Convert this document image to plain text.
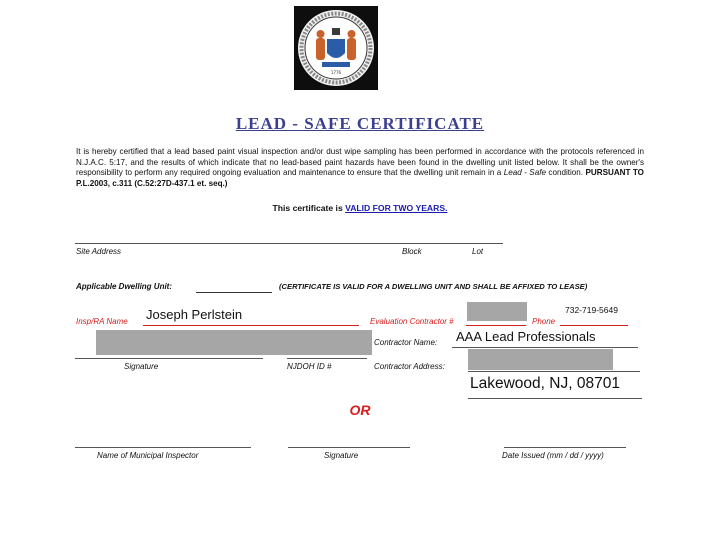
1776
LEAD - SAFE CERTIFICATE
It is hereby certified that a lead based paint visual inspection and/or dust wipe sampling has been performed in accordance with the protocols referenced in N.J.A.C. 5:17, and the results of which indicate that no lead-based paint hazards have been found in the dwelling unit listed below. It shall be the owner's responsibility to perform any required ongoing evaluation and maintenance to ensure that the dwelling unit remain in a Lead - Safe condition. PURSUANT TO P.L.2003, c.311 (C.52:27D-437.1 et. seq.)
This certificate is VALID FOR TWO YEARS.
Site Address	Block	Lot
Applicable Dwelling Unit:	(CERTIFICATE IS VALID FOR A DWELLING UNIT AND SHALL BE AFFIXED TO LEASE)
Insp/RA Name Joseph Perlstein	Evaluation Contractor #	Phone
732-719-5649
Signature	NJDOH ID #
Contractor Name: AAA Lead Professionals
Contractor Address:
Lakewood, NJ, 08701
OR
Name of Municipal Inspector	Signature	Date Issued (mm / dd / yyyy)
